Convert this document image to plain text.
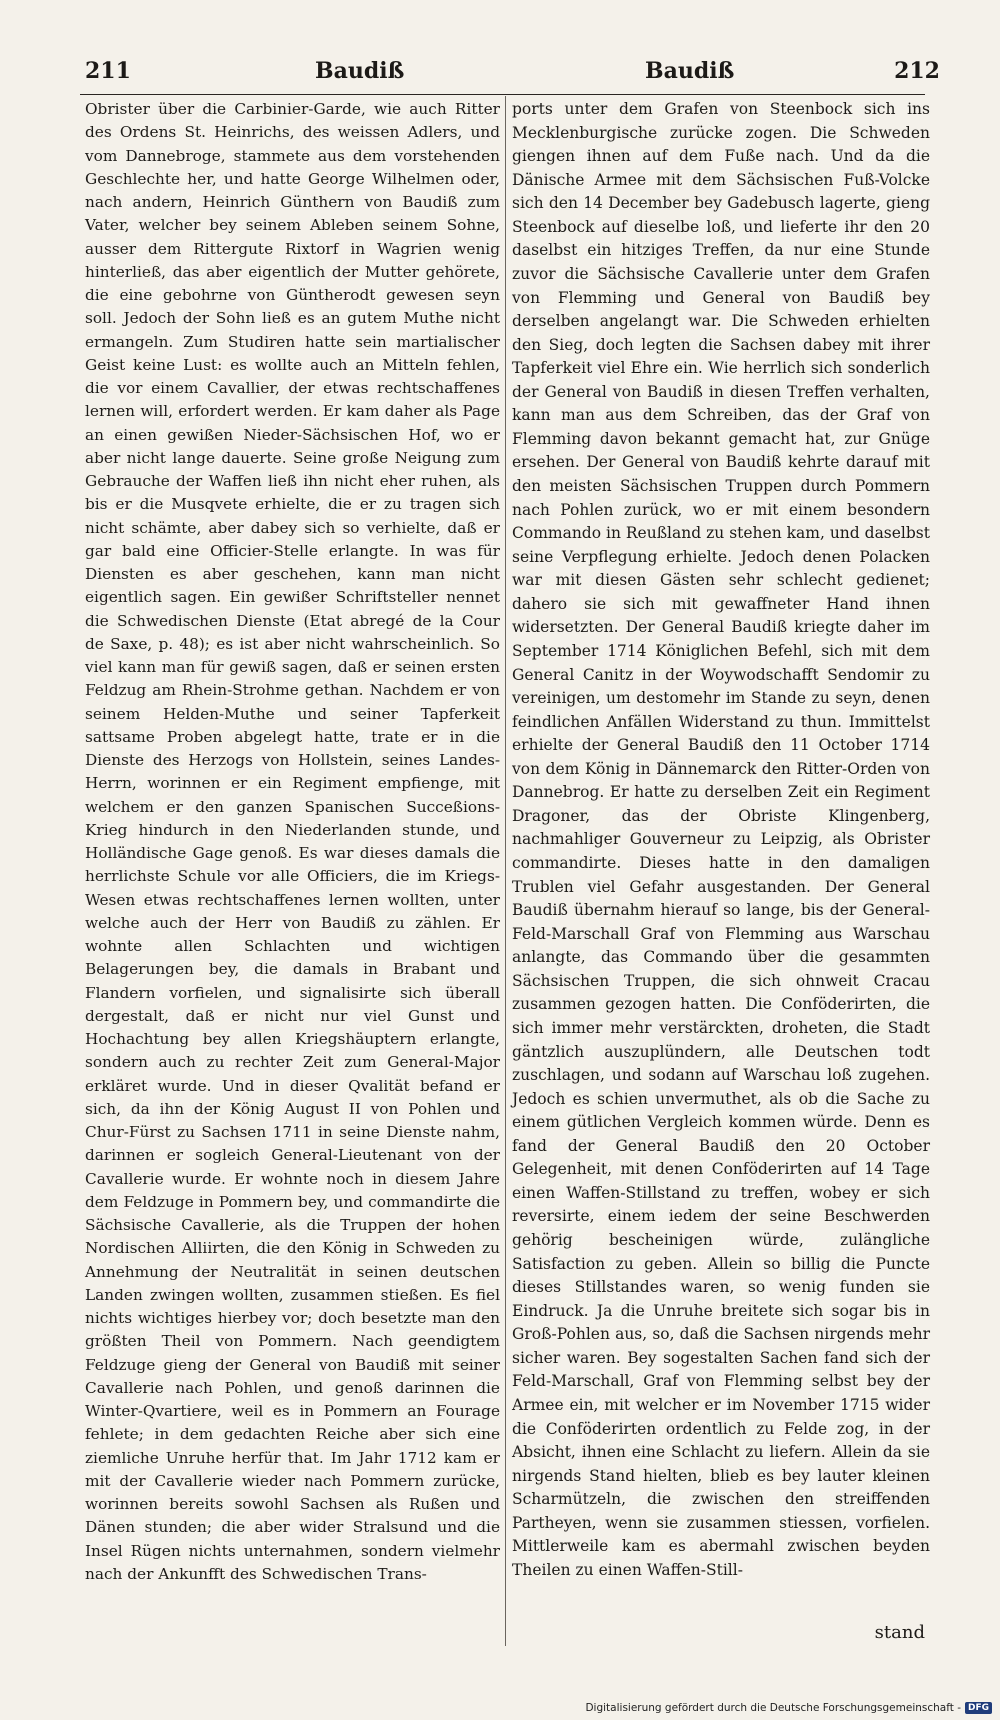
211	Baudiß	Baudiß	212

Obrister über die Carbinier-Garde, wie auch Ritter des Ordens St. Heinrichs, des weissen Adlers, und vom Dannebroge, stammete aus dem vorstehenden Geschlechte her, und hatte George Wilhelmen oder, nach andern, Heinrich Günthern von Baudiß zum Vater, welcher bey seinem Ableben seinem Sohne, ausser dem Rittergute Rixtorf in Wagrien wenig hinterließ, das aber eigentlich der Mutter gehörete, die eine gebohrne von Güntherodt gewesen seyn soll. Jedoch der Sohn ließ es an gutem Muthe nicht ermangeln. Zum Studiren hatte sein martialischer Geist keine Lust: es wollte auch an Mitteln fehlen, die vor einem Cavallier, der etwas rechtschaffenes lernen will, erfordert werden. Er kam daher als Page an einen gewißen Nieder-Sächsischen Hof, wo er aber nicht lange dauerte. Seine große Neigung zum Gebrauche der Waffen ließ ihn nicht eher ruhen, als bis er die Musqvete erhielte, die er zu tragen sich nicht schämte, aber dabey sich so verhielte, daß er gar bald eine Officier-Stelle erlangte. In was für Diensten es aber geschehen, kann man nicht eigentlich sagen. Ein gewißer Schriftsteller nennet die Schwedischen Dienste (Etat abregé de la Cour de Saxe, p. 48); es ist aber nicht wahrscheinlich. So viel kann man für gewiß sagen, daß er seinen ersten Feldzug am Rhein-Strohme gethan. Nachdem er von seinem Helden-Muthe und seiner Tapferkeit sattsame Proben abgelegt hatte, trate er in die Dienste des Herzogs von Hollstein, seines Landes-Herrn, worinnen er ein Regiment empfienge, mit welchem er den ganzen Spanischen Succeßions-Krieg hindurch in den Niederlanden stunde, und Holländische Gage genoß. Es war dieses damals die herrlichste Schule vor alle Officiers, die im Kriegs-Wesen etwas rechtschaffenes lernen wollten, unter welche auch der Herr von Baudiß zu zählen. Er wohnte allen Schlachten und wichtigen Belagerungen bey, die damals in Brabant und Flandern vorfielen, und signalisirte sich überall dergestalt, daß er nicht nur viel Gunst und Hochachtung bey allen Kriegshäuptern erlangte, sondern auch zu rechter Zeit zum General-Major erkläret wurde. Und in dieser Qvalität befand er sich, da ihn der König August II von Pohlen und Chur-Fürst zu Sachsen 1711 in seine Dienste nahm, darinnen er sogleich General-Lieutenant von der Cavallerie wurde. Er wohnte noch in diesem Jahre dem Feldzuge in Pommern bey, und commandirte die Sächsische Cavallerie, als die Truppen der hohen Nordischen Alliirten, die den König in Schweden zu Annehmung der Neutralität in seinen deutschen Landen zwingen wollten, zusammen stießen. Es fiel nichts wichtiges hierbey vor; doch besetzte man den größten Theil von Pommern. Nach geendigtem Feldzuge gieng der General von Baudiß mit seiner Cavallerie nach Pohlen, und genoß darinnen die Winter-Qvartiere, weil es in Pommern an Fourage fehlete; in dem gedachten Reiche aber sich eine ziemliche Unruhe herfür that. Im Jahr 1712 kam er mit der Cavallerie wieder nach Pommern zurücke, worinnen bereits sowohl Sachsen als Rußen und Dänen stunden; die aber wider Stralsund und die Insel Rügen nichts unternahmen, sondern vielmehr nach der Ankunfft des Schwedischen Trans-

ports unter dem Grafen von Steenbock sich ins Mecklenburgische zurücke zogen. Die Schweden giengen ihnen auf dem Fuße nach. Und da die Dänische Armee mit dem Sächsischen Fuß-Volcke sich den 14 December bey Gadebusch lagerte, gieng Steenbock auf dieselbe loß, und lieferte ihr den 20 daselbst ein hitziges Treffen, da nur eine Stunde zuvor die Sächsische Cavallerie unter dem Grafen von Flemming und General von Baudiß bey derselben angelangt war. Die Schweden erhielten den Sieg, doch legten die Sachsen dabey mit ihrer Tapferkeit viel Ehre ein. Wie herrlich sich sonderlich der General von Baudiß in diesen Treffen verhalten, kann man aus dem Schreiben, das der Graf von Flemming davon bekannt gemacht hat, zur Gnüge ersehen. Der General von Baudiß kehrte darauf mit den meisten Sächsischen Truppen durch Pommern nach Pohlen zurück, wo er mit einem besondern Commando in Reußland zu stehen kam, und daselbst seine Verpflegung erhielte. Jedoch denen Polacken war mit diesen Gästen sehr schlecht gedienet; dahero sie sich mit gewaffneter Hand ihnen widersetzten. Der General Baudiß kriegte daher im September 1714 Königlichen Befehl, sich mit dem General Canitz in der Woywodschafft Sendomir zu vereinigen, um destomehr im Stande zu seyn, denen feindlichen Anfällen Widerstand zu thun. Immittelst erhielte der General Baudiß den 11 October 1714 von dem König in Dännemarck den Ritter-Orden von Dannebrog. Er hatte zu derselben Zeit ein Regiment Dragoner, das der Obriste Klingenberg, nachmahliger Gouverneur zu Leipzig, als Obrister commandirte. Dieses hatte in den damaligen Trublen viel Gefahr ausgestanden. Der General Baudiß übernahm hierauf so lange, bis der General-Feld-Marschall Graf von Flemming aus Warschau anlangte, das Commando über die gesammten Sächsischen Truppen, die sich ohnweit Cracau zusammen gezogen hatten. Die Conföderirten, die sich immer mehr verstärckten, droheten, die Stadt gäntzlich auszuplündern, alle Deutschen todt zuschlagen, und sodann auf Warschau loß zugehen. Jedoch es schien unvermuthet, als ob die Sache zu einem gütlichen Vergleich kommen würde. Denn es fand der General Baudiß den 20 October Gelegenheit, mit denen Conföderirten auf 14 Tage einen Waffen-Stillstand zu treffen, wobey er sich reversirte, einem iedem der seine Beschwerden gehörig bescheinigen würde, zulängliche Satisfaction zu geben. Allein so billig die Puncte dieses Stillstandes waren, so wenig funden sie Eindruck. Ja die Unruhe breitete sich sogar bis in Groß-Pohlen aus, so, daß die Sachsen nirgends mehr sicher waren. Bey sogestalten Sachen fand sich der Feld-Marschall, Graf von Flemming selbst bey der Armee ein, mit welcher er im November 1715 wider die Conföderirten ordentlich zu Felde zog, in der Absicht, ihnen eine Schlacht zu liefern. Allein da sie nirgends Stand hielten, blieb es bey lauter kleinen Scharmützeln, die zwischen den streiffenden Partheyen, wenn sie zusammen stiessen, vorfielen. Mittlerweile kam es abermahl zwischen beyden Theilen zu einen Waffen-Still-

stand
Digitalisierung gefördert durch die Deutsche Forschungsgemeinschaft - DFG
